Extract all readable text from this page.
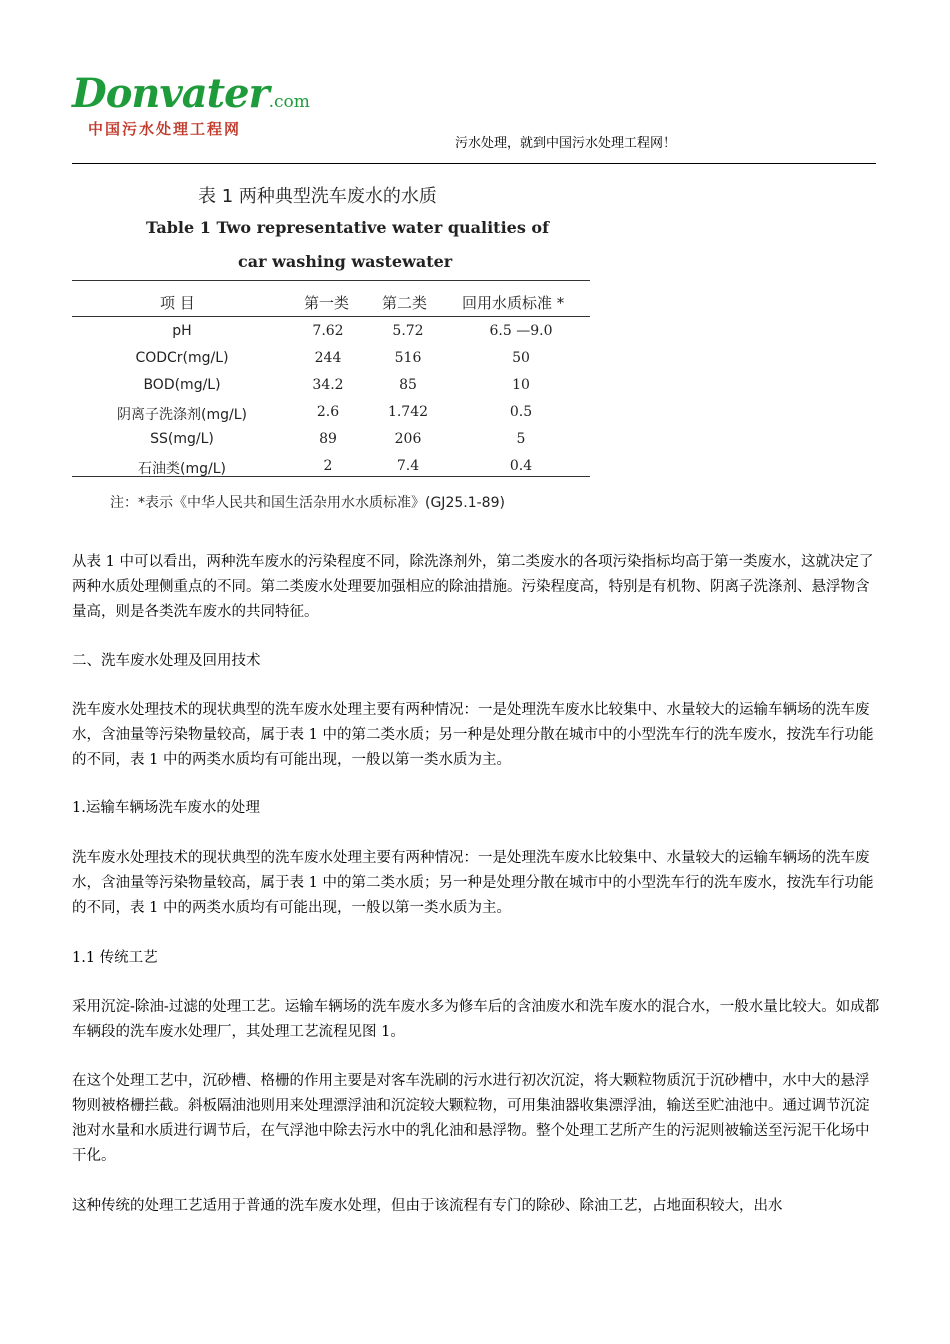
Donvater.com
中国污水处理工程网
污水处理，就到中国污水处理工程网！
表 1 两种典型洗车废水的水质
Table 1 Two representative water qualities of
car washing wastewater
项 目	第一类 第二类 回用水质标准 *
pH	7.62	5.72	6.5 —9.0
CODCr(mg/L)	244	516	50
BOD(mg/L)	34.2	85	10
阴离子洗涤剂(mg/L)	2.6	1.742	0.5
SS(mg/L)	89	206	5
石油类(mg/L)	2	7.4	0.4
注：*表示《中华人民共和国生活杂用水水质标准》(GJ25.1-89)

从表 1 中可以看出，两种洗车废水的污染程度不同，除洗涤剂外，第二类废水的各项污染指标均高于第一类废水，这就决定了两种水质处理侧重点的不同。第二类废水处理要加强相应的除油措施。污染程度高，特别是有机物、阴离子洗涤剂、悬浮物含量高，则是各类洗车废水的共同特征。

二、洗车废水处理及回用技术

洗车废水处理技术的现状典型的洗车废水处理主要有两种情况：一是处理洗车废水比较集中、水量较大的运输车辆场的洗车废水，含油量等污染物量较高，属于表 1 中的第二类水质；另一种是处理分散在城市中的小型洗车行的洗车废水，按洗车行功能的不同，表 1 中的两类水质均有可能出现，一般以第一类水质为主。

1.运输车辆场洗车废水的处理

洗车废水处理技术的现状典型的洗车废水处理主要有两种情况：一是处理洗车废水比较集中、水量较大的运输车辆场的洗车废水，含油量等污染物量较高，属于表 1 中的第二类水质；另一种是处理分散在城市中的小型洗车行的洗车废水，按洗车行功能的不同，表 1 中的两类水质均有可能出现，一般以第一类水质为主。

1.1 传统工艺

采用沉淀-除油-过滤的处理工艺。运输车辆场的洗车废水多为修车后的含油废水和洗车废水的混合水，一般水量比较大。如成都车辆段的洗车废水处理厂，其处理工艺流程见图 1。

在这个处理工艺中，沉砂槽、格栅的作用主要是对客车洗刷的污水进行初次沉淀，将大颗粒物质沉于沉砂槽中，水中大的悬浮物则被格栅拦截。斜板隔油池则用来处理漂浮油和沉淀较大颗粒物，可用集油器收集漂浮油，输送至贮油池中。通过调节沉淀池对水量和水质进行调节后，在气浮池中除去污水中的乳化油和悬浮物。整个处理工艺所产生的污泥则被输送至污泥干化场中干化。

这种传统的处理工艺适用于普通的洗车废水处理，但由于该流程有专门的除砂、除油工艺，占地面积较大，出水
